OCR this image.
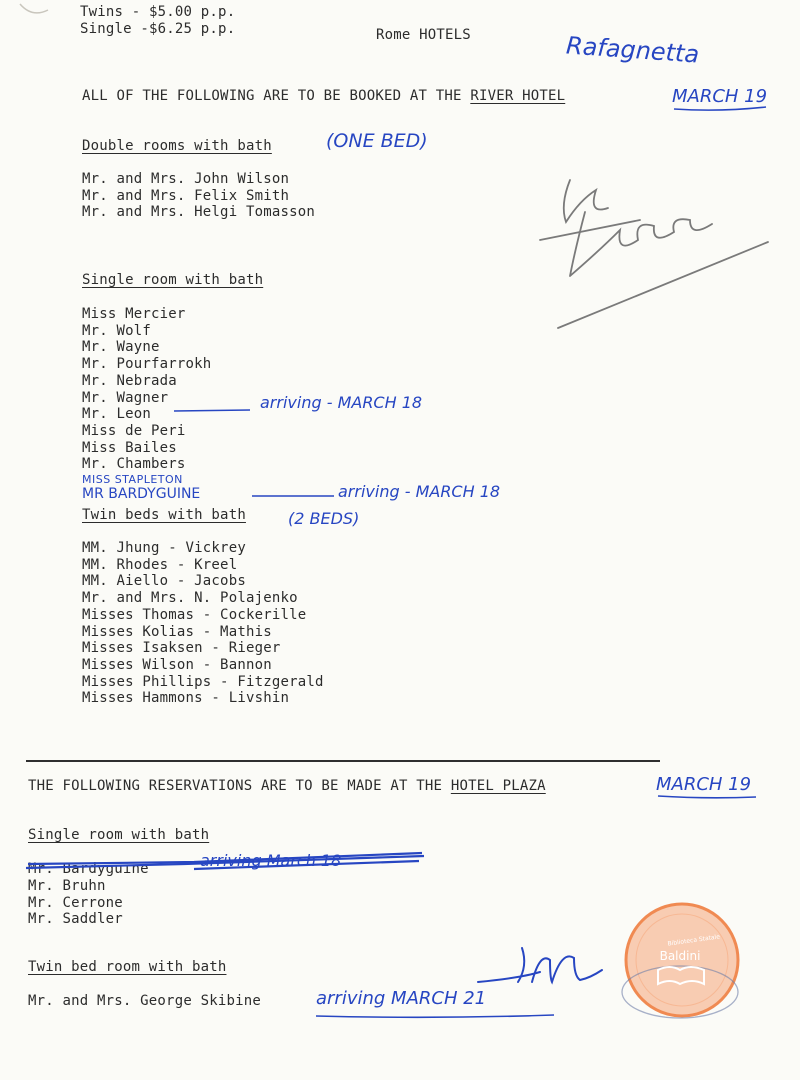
Twins - $5.00 p.p.
Single -$6.25 p.p.	Rome HOTELS	Rafagnetta
ALL OF THE FOLLOWING ARE TO BE BOOKED AT THE RIVER HOTEL	MARCH 19
Double rooms with bath	(ONE BED)
Mr. and Mrs. John Wilson
Mr. and Mrs. Felix Smith
Mr. and Mrs. Helgi Tomasson
Single room with bath
Miss Mercier
Mr. Wolf
Mr. Wayne
Mr. Pourfarrokh
Mr. Nebrada
Mr. Wagner
Mr. Leon
Miss de Peri
Miss Bailes
Mr. Chambers
arriving - MARCH 18
MISS STAPLETON
MR BARDYGUINE	arriving - MARCH 18
Twin beds with bath	(2 BEDS)
MM. Jhung - Vickrey
MM. Rhodes - Kreel
MM. Aiello - Jacobs
Mr. and Mrs. N. Polajenko
Misses Thomas - Cockerille
Misses Kolias - Mathis
Misses Isaksen - Rieger
Misses Wilson - Bannon
Misses Phillips - Fitzgerald
Misses Hammons - Livshin
THE FOLLOWING RESERVATIONS ARE TO BE MADE AT THE HOTEL PLAZA	MARCH 19
Single room with bath
Mr. Bardyguine	arriving March 18
Mr. Bruhn
Mr. Cerrone
Mr. Saddler
Twin bed room with bath
Mr. and Mrs. George Skibine	arriving MARCH 21
Biblioteca Statale
Baldini
